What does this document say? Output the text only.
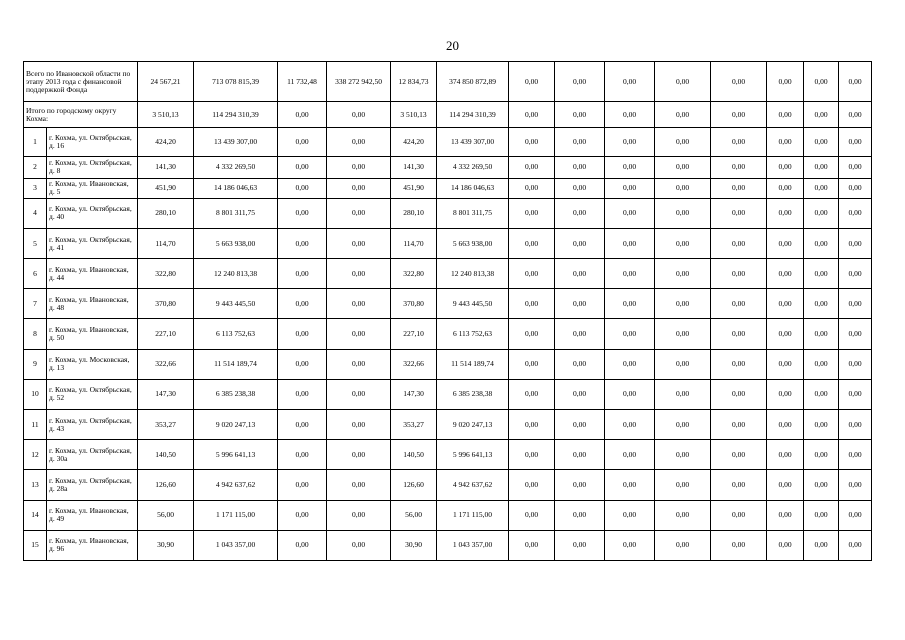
20
Всего по Ивановской области по этапу 2013 года с финансовой поддержкой Фонда		24 567,21	713 078 815,39	11 732,48	338 272 942,50	12 834,73	374 850 872,89	0,00	0,00	0,00	0,00	0,00	0,00	0,00	0,00
Итого по городскому округу Кохма:		3 510,13	114 294 310,39	0,00	0,00	3 510,13	114 294 310,39	0,00	0,00	0,00	0,00	0,00	0,00	0,00	0,00
1	г. Кохма, ул. Октябрьская, д. 16	424,20	13 439 307,00	0,00	0,00	424,20	13 439 307,00	0,00	0,00	0,00	0,00	0,00	0,00	0,00	0,00
2	г. Кохма, ул. Октябрьская, д. 8	141,30	4 332 269,50	0,00	0,00	141,30	4 332 269,50	0,00	0,00	0,00	0,00	0,00	0,00	0,00	0,00
3	г. Кохма, ул. Ивановская, д. 5	451,90	14 186 046,63	0,00	0,00	451,90	14 186 046,63	0,00	0,00	0,00	0,00	0,00	0,00	0,00	0,00
4	г. Кохма, ул. Октябрьская, д. 40	280,10	8 801 311,75	0,00	0,00	280,10	8 801 311,75	0,00	0,00	0,00	0,00	0,00	0,00	0,00	0,00
5	г. Кохма, ул. Октябрьская, д. 41	114,70	5 663 938,00	0,00	0,00	114,70	5 663 938,00	0,00	0,00	0,00	0,00	0,00	0,00	0,00	0,00
6	г. Кохма, ул. Ивановская, д. 44	322,80	12 240 813,38	0,00	0,00	322,80	12 240 813,38	0,00	0,00	0,00	0,00	0,00	0,00	0,00	0,00
7	г. Кохма, ул. Ивановская, д. 48	370,80	9 443 445,50	0,00	0,00	370,80	9 443 445,50	0,00	0,00	0,00	0,00	0,00	0,00	0,00	0,00
8	г. Кохма, ул. Ивановская, д. 50	227,10	6 113 752,63	0,00	0,00	227,10	6 113 752,63	0,00	0,00	0,00	0,00	0,00	0,00	0,00	0,00
9	г. Кохма, ул. Московская, д. 13	322,66	11 514 189,74	0,00	0,00	322,66	11 514 189,74	0,00	0,00	0,00	0,00	0,00	0,00	0,00	0,00
10	г. Кохма, ул. Октябрьская, д. 52	147,30	6 385 238,38	0,00	0,00	147,30	6 385 238,38	0,00	0,00	0,00	0,00	0,00	0,00	0,00	0,00
11	г. Кохма, ул. Октябрьская, д. 43	353,27	9 020 247,13	0,00	0,00	353,27	9 020 247,13	0,00	0,00	0,00	0,00	0,00	0,00	0,00	0,00
12	г. Кохма, ул. Октябрьская, д. 30а	140,50	5 996 641,13	0,00	0,00	140,50	5 996 641,13	0,00	0,00	0,00	0,00	0,00	0,00	0,00	0,00
13	г. Кохма, ул. Октябрьская, д. 28а	126,60	4 942 637,62	0,00	0,00	126,60	4 942 637,62	0,00	0,00	0,00	0,00	0,00	0,00	0,00	0,00
14	г. Кохма, ул. Ивановская, д. 49	56,00	1 171 115,00	0,00	0,00	56,00	1 171 115,00	0,00	0,00	0,00	0,00	0,00	0,00	0,00	0,00
15	г. Кохма, ул. Ивановская, д. 96	30,90	1 043 357,00	0,00	0,00	30,90	1 043 357,00	0,00	0,00	0,00	0,00	0,00	0,00	0,00	0,00
